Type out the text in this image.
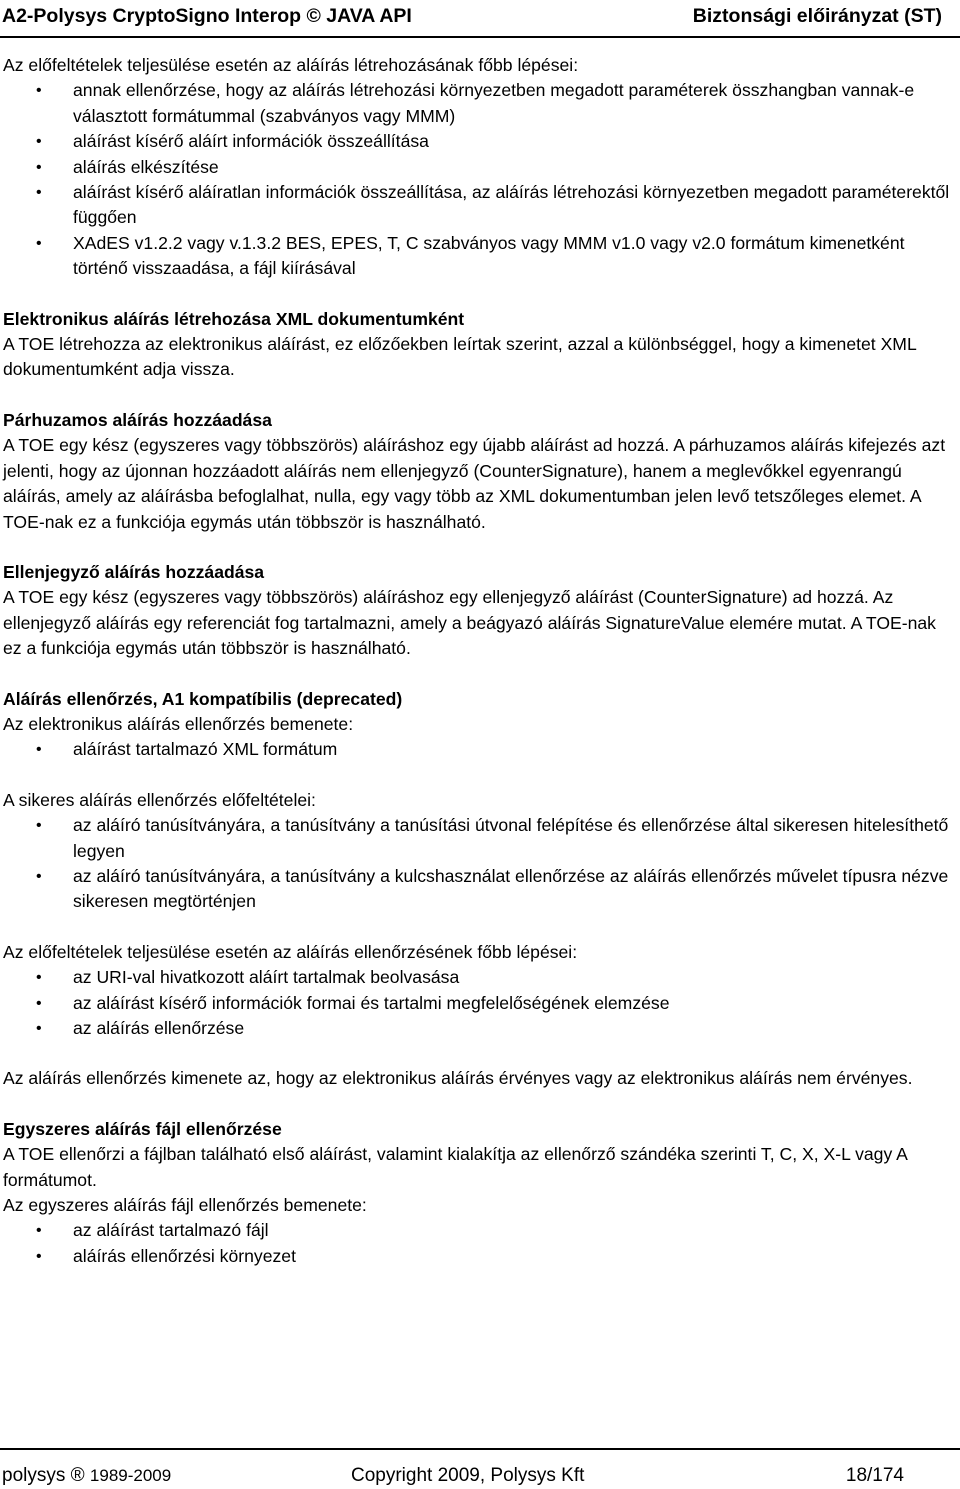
A2-Polysys CryptoSigno Interop © JAVA API	Biztonsági előirányzat (ST)

Az előfeltételek teljesülése esetén az aláírás létrehozásának főbb lépései:

• annak ellenőrzése, hogy az aláírás létrehozási környezetben megadott paraméterek összhangban vannak-e választott formátummal (szabványos vagy MMM)
• aláírást kísérő aláírt információk összeállítása
• aláírás elkészítése
• aláírást kísérő aláíratlan információk összeállítása, az aláírás létrehozási környezetben megadott paraméterektől függően
• XAdES v1.2.2 vagy v.1.3.2 BES, EPES, T, C szabványos vagy MMM v1.0 vagy v2.0 formátum kimenetként történő visszaadása, a fájl kiírásával
Elektronikus aláírás létrehozása XML dokumentumként

A TOE létrehozza az elektronikus aláírást, ez előzőekben leírtak szerint, azzal a különbséggel, hogy a kimenetet XML dokumentumként adja vissza.

Párhuzamos aláírás hozzáadása

A TOE egy kész (egyszeres vagy többszörös) aláíráshoz egy újabb aláírást ad hozzá. A párhuzamos aláírás kifejezés azt jelenti, hogy az újonnan hozzáadott aláírás nem ellenjegyző (CounterSignature), hanem a meglevőkkel egyenrangú aláírás, amely az aláírásba befoglalhat, nulla, egy vagy több az XML dokumentumban jelen levő tetszőleges elemet. A TOE-nak ez a funkciója egymás után többször is használható.

Ellenjegyző aláírás hozzáadása

A TOE egy kész (egyszeres vagy többszörös) aláíráshoz egy ellenjegyző aláírást (CounterSignature) ad hozzá. Az ellenjegyző aláírás egy referenciát fog tartalmazni, amely a beágyazó aláírás SignatureValue elemére mutat. A TOE-nak ez a funkciója egymás után többször is használható.

Aláírás ellenőrzés, A1 kompatíbilis (deprecated)

Az elektronikus aláírás ellenőrzés bemenete:

• aláírást tartalmazó XML formátum

A sikeres aláírás ellenőrzés előfeltételei:

• az aláíró tanúsítványára, a tanúsítvány a tanúsítási útvonal felépítése és ellenőrzése által sikeresen hitelesíthető legyen
• az aláíró tanúsítványára, a tanúsítvány a kulcshasználat ellenőrzése az aláírás ellenőrzés művelet típusra nézve sikeresen megtörténjen

Az előfeltételek teljesülése esetén az aláírás ellenőrzésének főbb lépései:

• az URI-val hivatkozott aláírt tartalmak beolvasása
• az aláírást kísérő információk formai és tartalmi megfelelőségének elemzése
• az aláírás ellenőrzése

Az aláírás ellenőrzés kimenete az, hogy az elektronikus aláírás érvényes vagy az elektronikus aláírás nem érvényes.

Egyszeres aláírás fájl ellenőrzése

A TOE ellenőrzi a fájlban található első aláírást, valamint kialakítja az ellenőrző szándéka szerinti T, C, X, X-L vagy A formátumot.

Az egyszeres aláírás fájl ellenőrzés bemenete:

• az aláírást tartalmazó fájl
• aláírás ellenőrzési környezet
polysys ® 1989-2009	Copyright 2009, Polysys Kft	18/174
